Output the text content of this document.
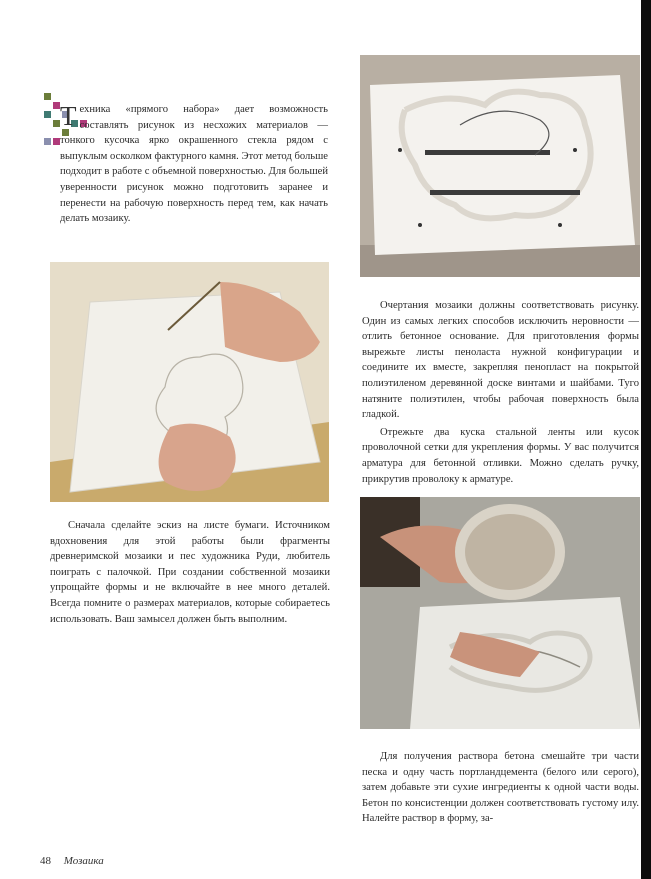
Техника «прямого набора» дает возможность составлять рисунок из несхожих материалов — тонкого кусочка ярко окрашенного стекла рядом с выпуклым осколком фактурного камня. Этот метод больше подходит в работе с объемной поверхностью. Для большей уверенности рисунок можно подготовить заранее и перенести на рабочую поверхность перед тем, как начать делать мозаику.

Сначала сделайте эскиз на листе бумаги. Источником вдохновения для этой работы были фрагменты древнеримской мозаики и пес художника Руди, любитель поиграть с палочкой. При создании собственной мозаики упрощайте формы и не включайте в нее много деталей. Всегда помните о размерах материалов, которые собираетесь использовать. Ваш замысел должен быть выполним.

Очертания мозаики должны соответствовать рисунку. Один из самых легких способов исключить неровности — отлить бетонное основание. Для приготовления формы вырежьте листы пеноласта нужной конфигурации и соедините их вместе, закрепляя пенопласт на покрытой полиэтиленом деревянной доске винтами и шайбами. Туго натяните полиэтилен, чтобы рабочая поверхность была гладкой.

Отрежьте два куска стальной ленты или кусок проволочной сетки для укрепления формы. У вас получится арматура для бетонной отливки. Можно сделать ручку, прикрутив проволоку к арматуре.

Для получения раствора бетона смешайте три части песка и одну часть портландцемента (белого или серого), затем добавьте эти сухие ингредиенты к одной части воды. Бетон по консистенции должен соответствовать густому илу. Налейте раствор в форму, за-

48 Мозаика
